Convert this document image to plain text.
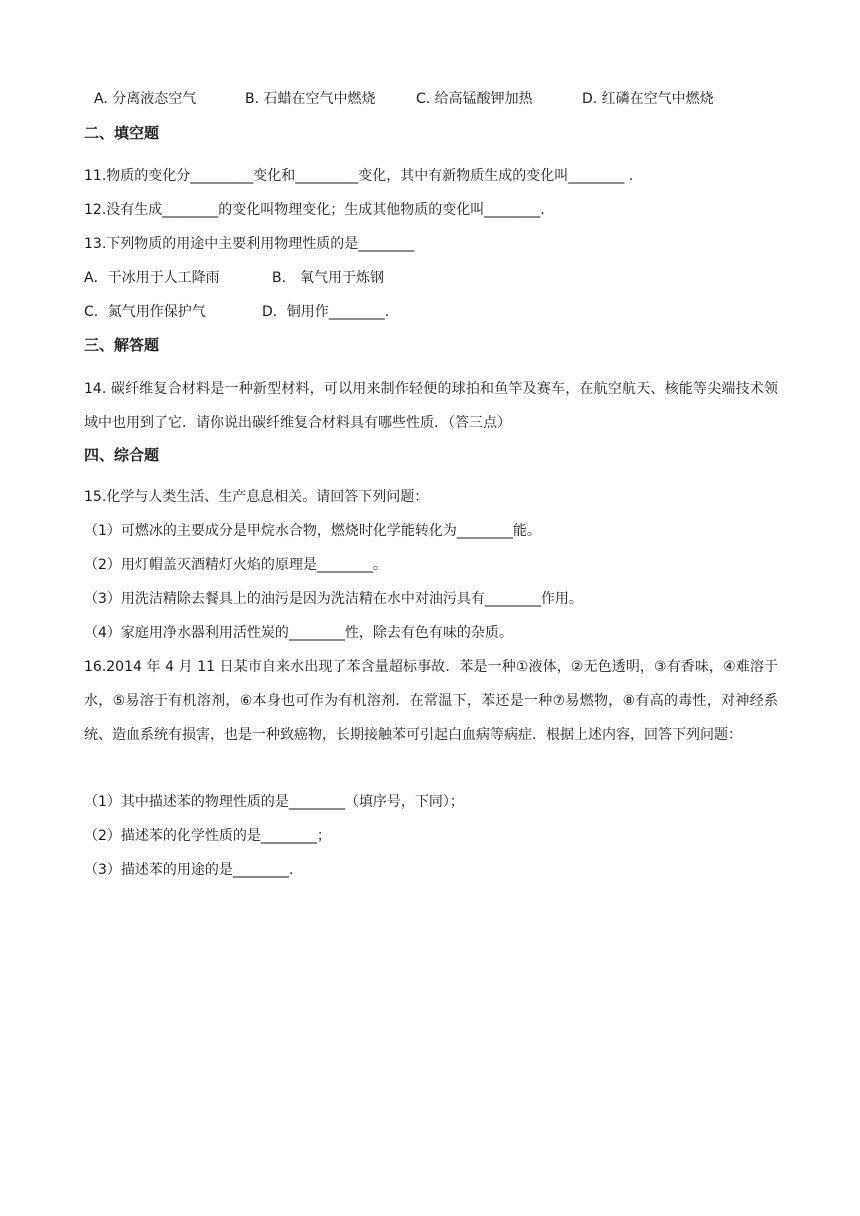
A. 分离液态空气	B. 石蜡在空气中燃烧	C. 给高锰酸钾加热	D. 红磷在空气中燃烧
二、填空题
11.物质的变化分_________变化和_________变化，其中有新物质生成的变化叫________ .
12.没有生成________的变化叫物理变化；生成其他物质的变化叫________.
13.下列物质的用途中主要利用物理性质的是________
A．干冰用于人工降雨	B． 氧气用于炼钢
C．氮气用作保护气	D．铜用作________.
三、解答题
14. 碳纤维复合材料是一种新型材料，可以用来制作轻便的球拍和鱼竿及赛车，在航空航天、核能等尖端技术领域中也用到了它．请你说出碳纤维复合材料具有哪些性质．（答三点）
四、综合题
15.化学与人类生活、生产息息相关。请回答下列问题：
（1）可燃冰的主要成分是甲烷水合物，燃烧时化学能转化为________能。
（2）用灯帽盖灭酒精灯火焰的原理是________。
（3）用洗洁精除去餐具上的油污是因为洗洁精在水中对油污具有________作用。
（4）家庭用净水器利用活性炭的________性，除去有色有味的杂质。
16.2014 年 4 月 11 日某市自来水出现了苯含量超标事故．苯是一种①液体，②无色透明，③有香味，④难溶于水，⑤易溶于有机溶剂，⑥本身也可作为有机溶剂．在常温下，苯还是一种⑦易燃物，⑧有高的毒性，对神经系统、造血系统有损害，也是一种致癌物，长期接触苯可引起白血病等病症．根据上述内容，回答下列问题：
（1）其中描述苯的物理性质的是________（填序号，下同）；
（2）描述苯的化学性质的是________；
（3）描述苯的用途的是________.
